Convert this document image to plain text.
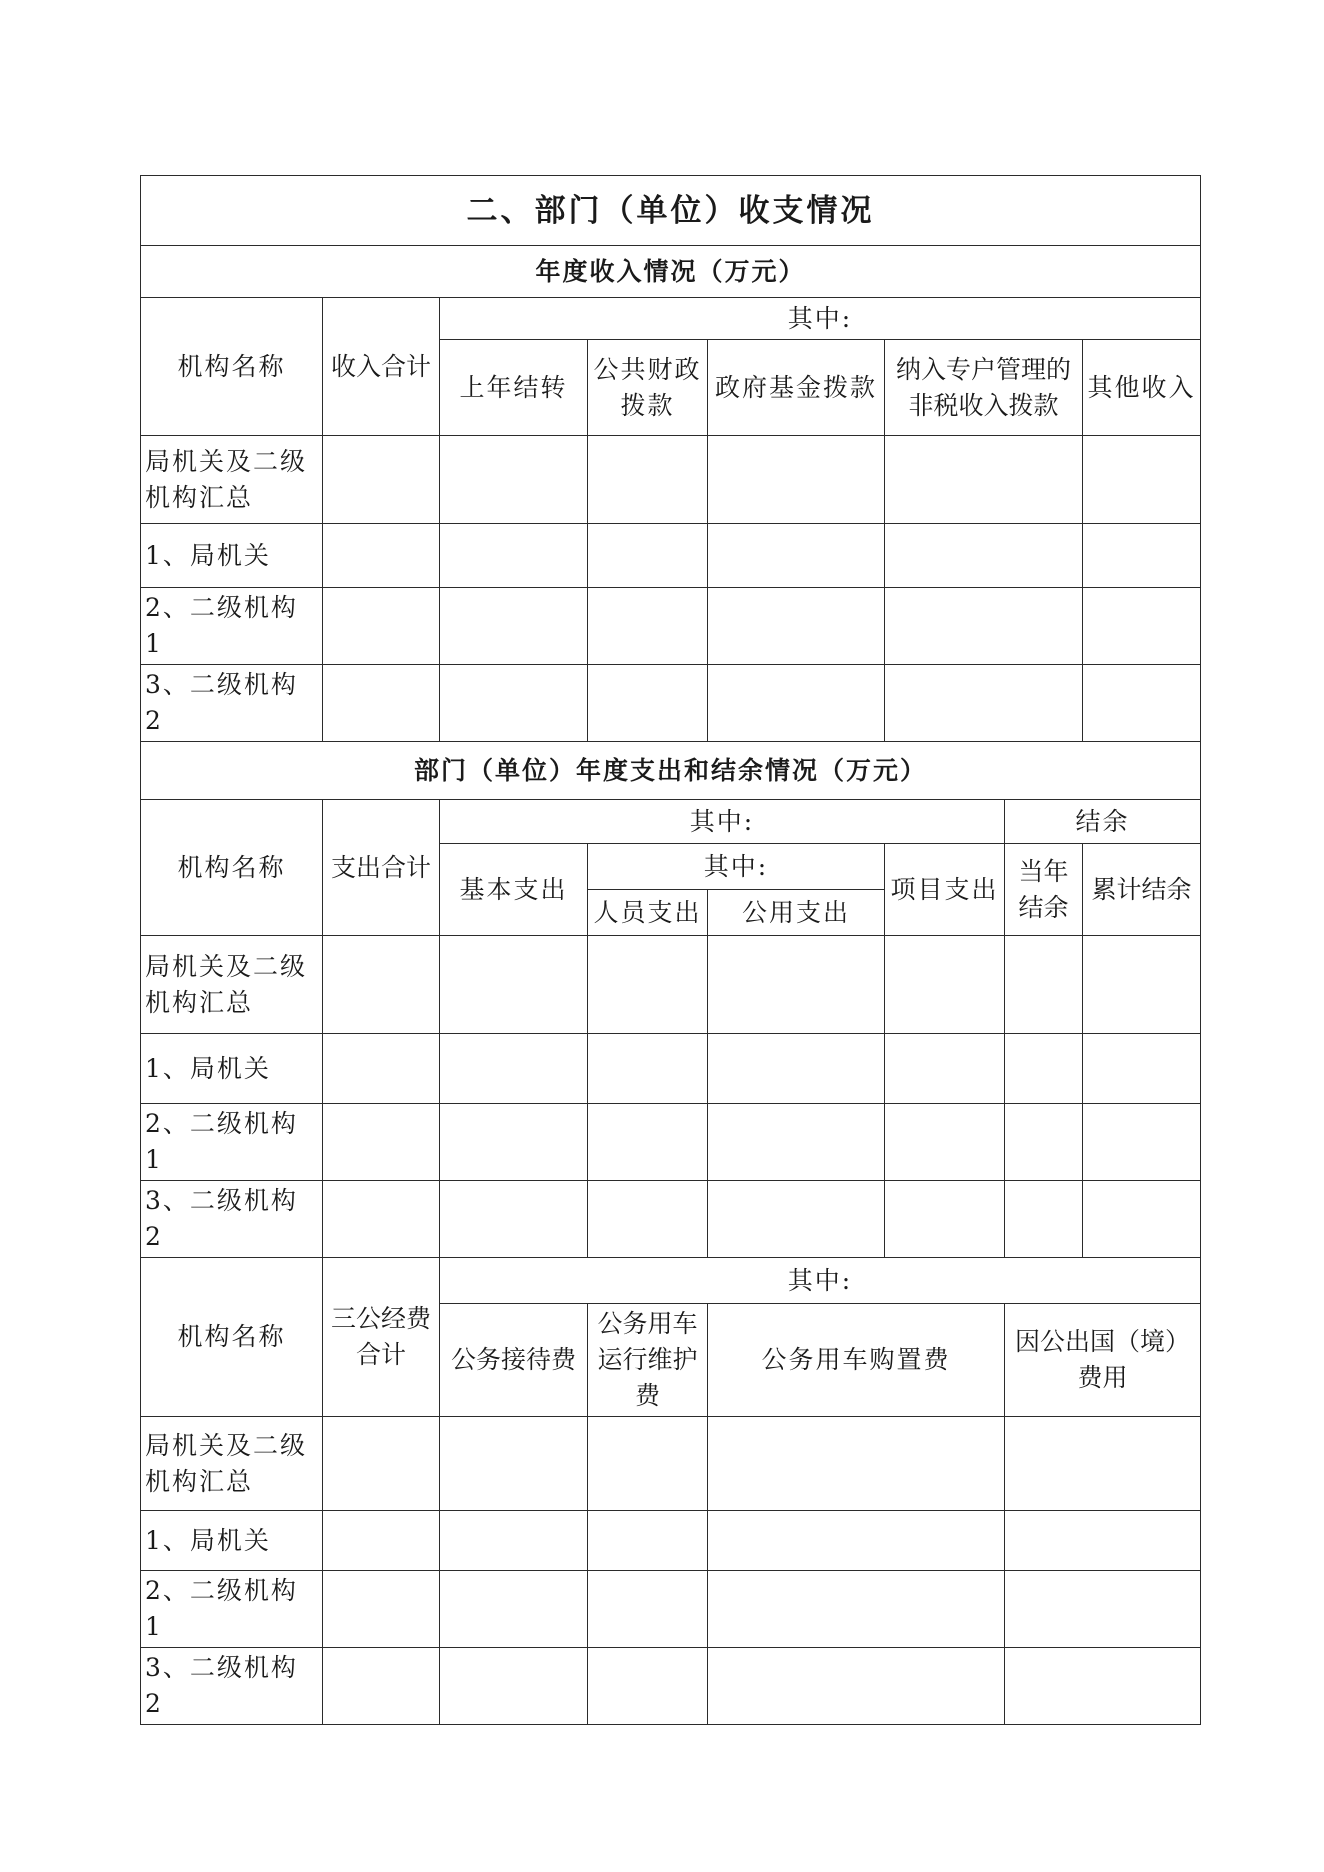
二、部门（单位）收支情况							
年度收入情况（万元）							
机构名称	收入合计	其中:					
		上年结转	公共财政拨款	政府基金拨款	纳入专户管理的非税收入拨款		其他收入
局机关及二级机构汇总							
1、局机关							
2、二级机构 1							
3、二级机构 2							
部门（单位）年度支出和结余情况（万元）							
机构名称	支出合计	其中:				结余	
		基本支出	其中:		项目支出	当年结余	累计结余
			人员支出	公用支出			
局机关及二级机构汇总							
1、局机关							
2、二级机构 1							
3、二级机构 2							
机构名称	三公经费合计	其中:					
		公务接待费	公务用车运行维护费	公务用车购置费		因公出国（境）费用	
局机关及二级机构汇总							
1、局机关							
2、二级机构 1							
3、二级机构 2							
